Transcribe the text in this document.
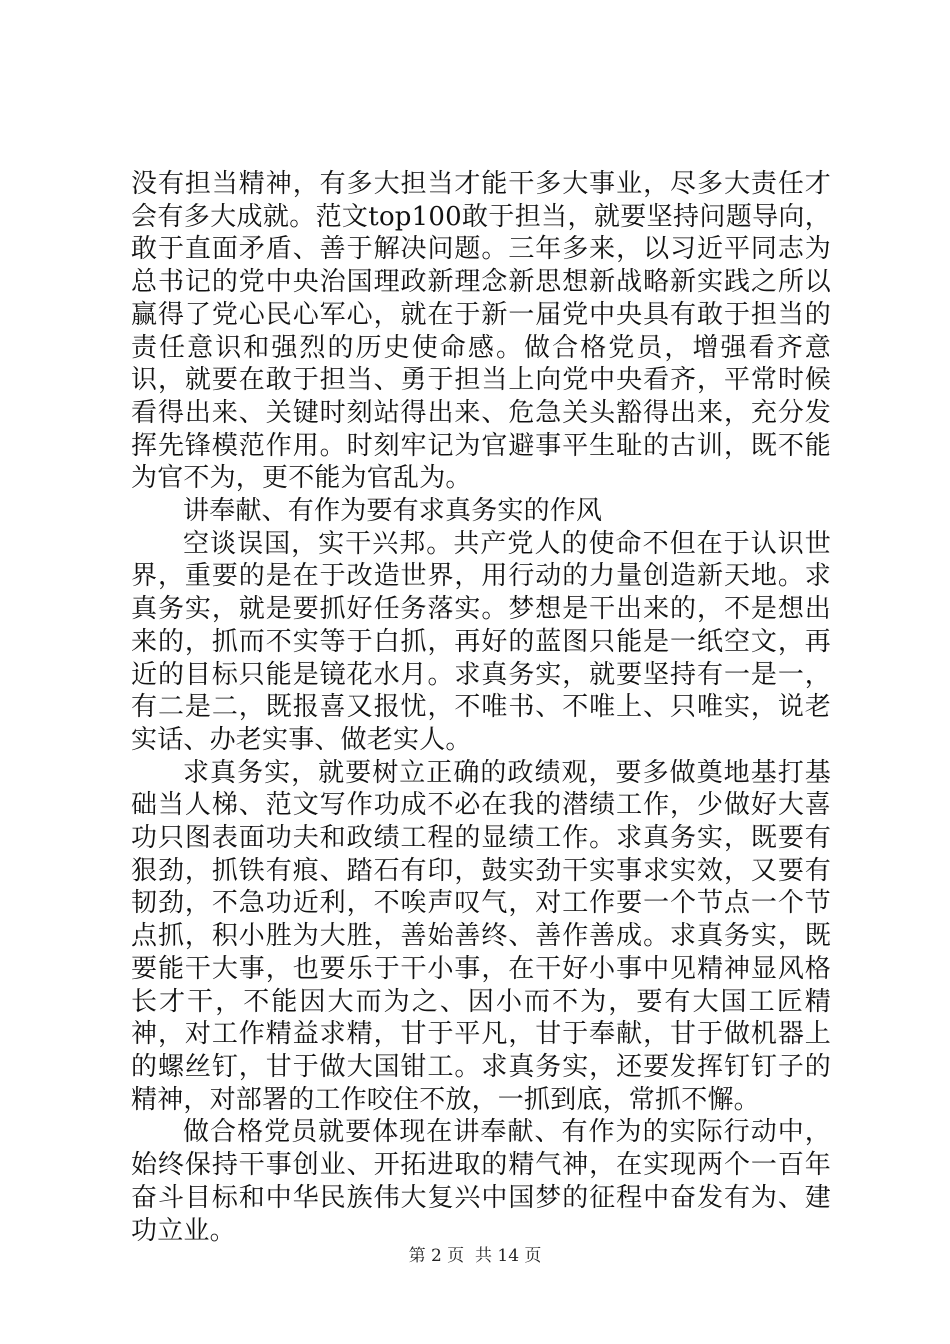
没有担当精神，有多大担当才能干多大事业，尽多大责任才会有多大成就。范文top100敢于担当，就要坚持问题导向，敢于直面矛盾、善于解决问题。三年多来，以习近平同志为总书记的党中央治国理政新理念新思想新战略新实践之所以赢得了党心民心军心，就在于新一届党中央具有敢于担当的责任意识和强烈的历史使命感。做合格党员，增强看齐意识，就要在敢于担当、勇于担当上向党中央看齐，平常时候看得出来、关键时刻站得出来、危急关头豁得出来，充分发挥先锋模范作用。时刻牢记为官避事平生耻的古训，既不能为官不为，更不能为官乱为。

讲奉献、有作为要有求真务实的作风

空谈误国，实干兴邦。共产党人的使命不但在于认识世界，重要的是在于改造世界，用行动的力量创造新天地。求真务实，就是要抓好任务落实。梦想是干出来的，不是想出来的，抓而不实等于白抓，再好的蓝图只能是一纸空文，再近的目标只能是镜花水月。求真务实，就要坚持有一是一，有二是二，既报喜又报忧，不唯书、不唯上、只唯实，说老实话、办老实事、做老实人。

求真务实，就要树立正确的政绩观，要多做奠地基打基础当人梯、范文写作功成不必在我的潜绩工作，少做好大喜功只图表面功夫和政绩工程的显绩工作。求真务实，既要有狠劲，抓铁有痕、踏石有印，鼓实劲干实事求实效，又要有韧劲，不急功近利，不唉声叹气，对工作要一个节点一个节点抓，积小胜为大胜，善始善终、善作善成。求真务实，既要能干大事，也要乐于干小事，在干好小事中见精神显风格长才干，不能因大而为之、因小而不为，要有大国工匠精神，对工作精益求精，甘于平凡，甘于奉献，甘于做机器上的螺丝钉，甘于做大国钳工。求真务实，还要发挥钉钉子的精神，对部署的工作咬住不放，一抓到底，常抓不懈。

做合格党员就要体现在讲奉献、有作为的实际行动中，始终保持干事创业、开拓进取的精气神，在实现两个一百年奋斗目标和中华民族伟大复兴中国梦的征程中奋发有为、建功立业。

第 2 页  共 14 页
